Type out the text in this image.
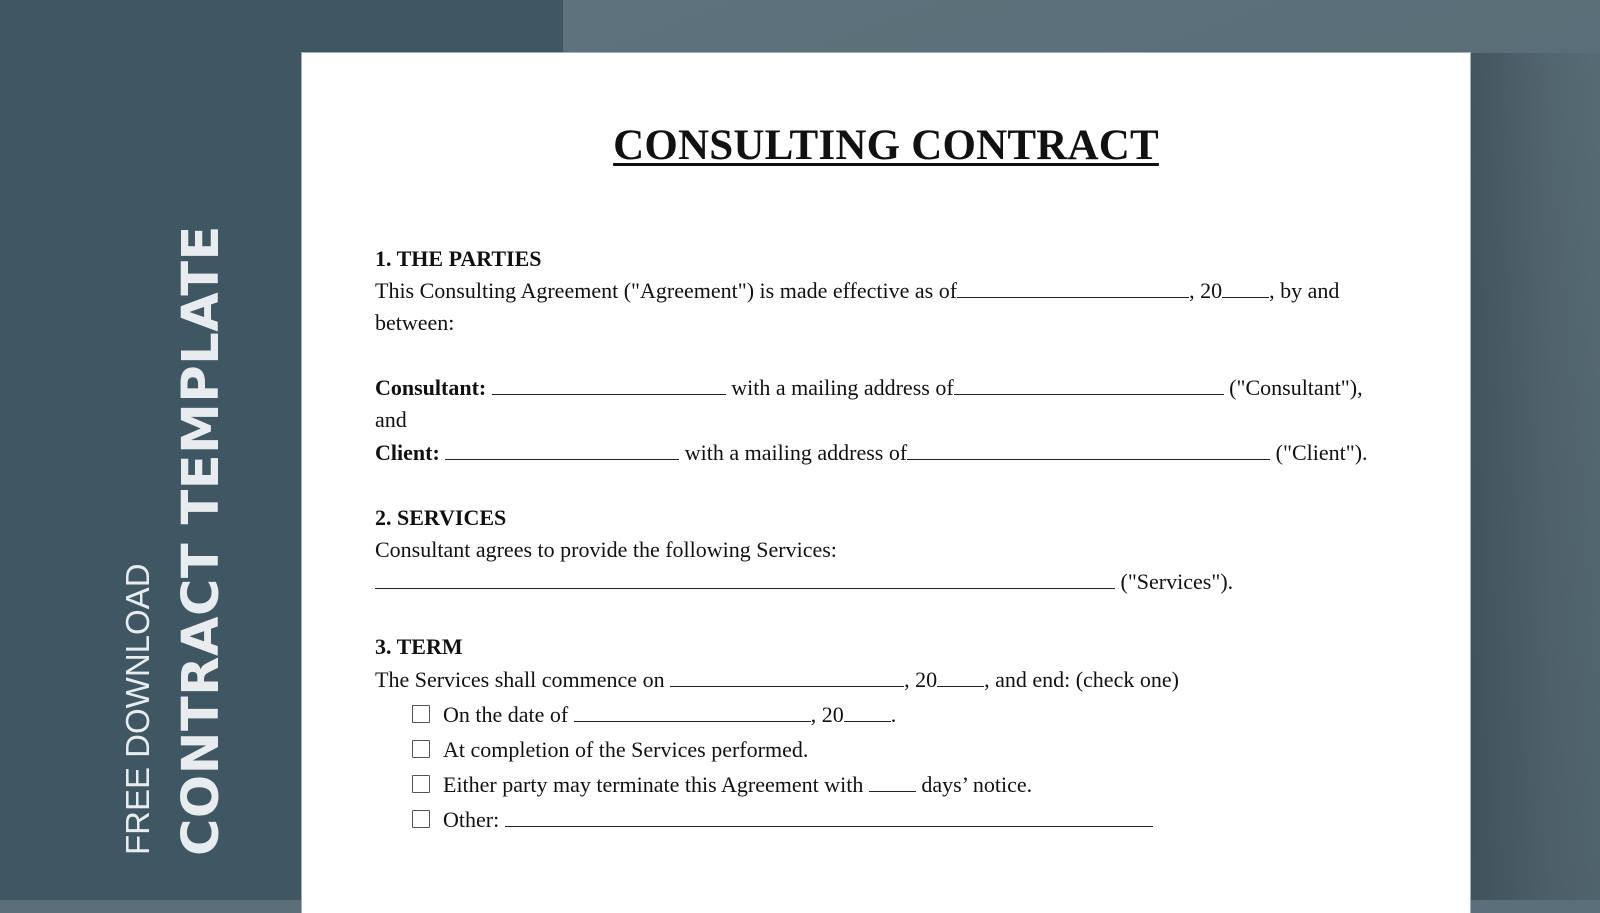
FREE DOWNLOAD CONTRACT TEMPLATE
CONSULTING CONTRACT
1. THE PARTIES
This Consulting Agreement ("Agreement") is made effective as of	, 20 , by and
between:
Consultant:	with a mailing address of	("Consultant"),
and
Client:	with a mailing address of	("Client").
2. SERVICES
Consultant agrees to provide the following Services:
("Services").
3. TERM
The Services shall commence on	, 20 , and end: (check one)
On the date of	, 20 .
At completion of the Services performed.
Either party may terminate this Agreement with  days’ notice.
Other:
